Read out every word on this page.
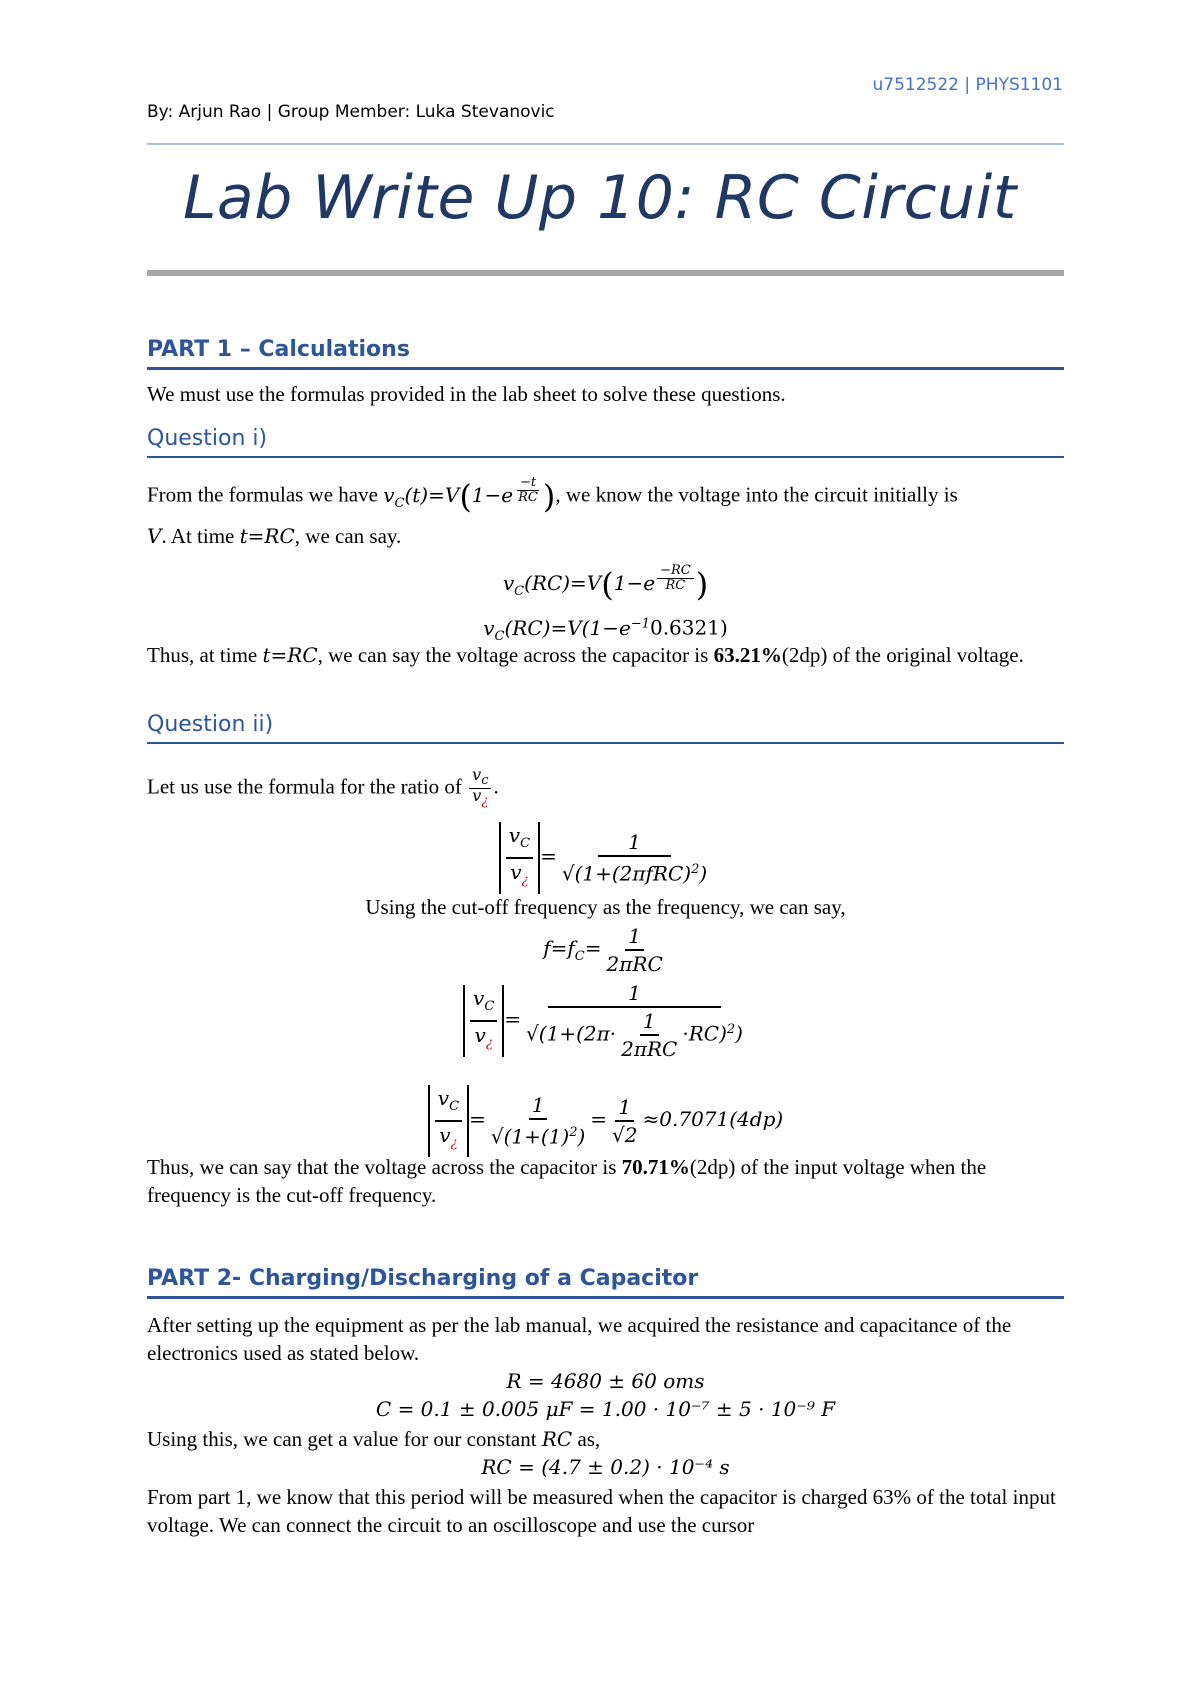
u7512522 | PHYS1101
By: Arjun Rao | Group Member: Luka Stevanovic
Lab Write Up 10: RC Circuit
PART 1 – Calculations
We must use the formulas provided in the lab sheet to solve these questions.
Question i)
From the formulas we have $v_C(t)=V(1-e$ $^{\frac{-t}{RC}}$ ), we know the voltage into the circuit initially is
V. At time t=RC, we can say.
$v_C(RC)=V(1-e$ $^{\frac{-RC}{RC}}$ )
$v_C(RC)=V(1-e^{-1}0.6321)$
Thus, at time t=RC, we can say the voltage across the capacitor is 63.21%(2dp) of the original voltage.
Question ii)
Let us use the formula for the ratio of $\frac{v_c}{v_¿}$ .
$\frac{v_C}{v_¿} = \frac{1}{√(1+(2\pi fRC)^2)}$
Using the cut-off frequency as the frequency, we can say,
$f=f_C= \frac{1}{\text{2πRC}}$
$\frac{v_C}{v_¿} = \frac{1}{√(1+(2\pi\cdot \frac{1}{\text{2πRC}} \cdot RC)^2)}$
$\frac{v_C}{v_¿} = \frac{1}{√(1+(1)^2)} = \frac{1}{√2} \approx 0.7071(4dp)$
Thus, we can say that the voltage across the capacitor is 70.71%(2dp) of the input voltage when the frequency is the cut-off frequency.
PART 2- Charging/Discharging of a Capacitor
After setting up the equipment as per the lab manual, we acquired the resistance and capacitance of the electronics used as stated below.
R = 4680 ± 60 oms
C = 0.1 ± 0.005 μF = 1.00 · 10⁻⁷ ± 5 · 10⁻⁹ F
Using this, we can get a value for our constant RC as,
RC = (4.7 ± 0.2) · 10⁻⁴ s
From part 1, we know that this period will be measured when the capacitor is charged 63% of the total input voltage. We can connect the circuit to an oscilloscope and use the cursor
